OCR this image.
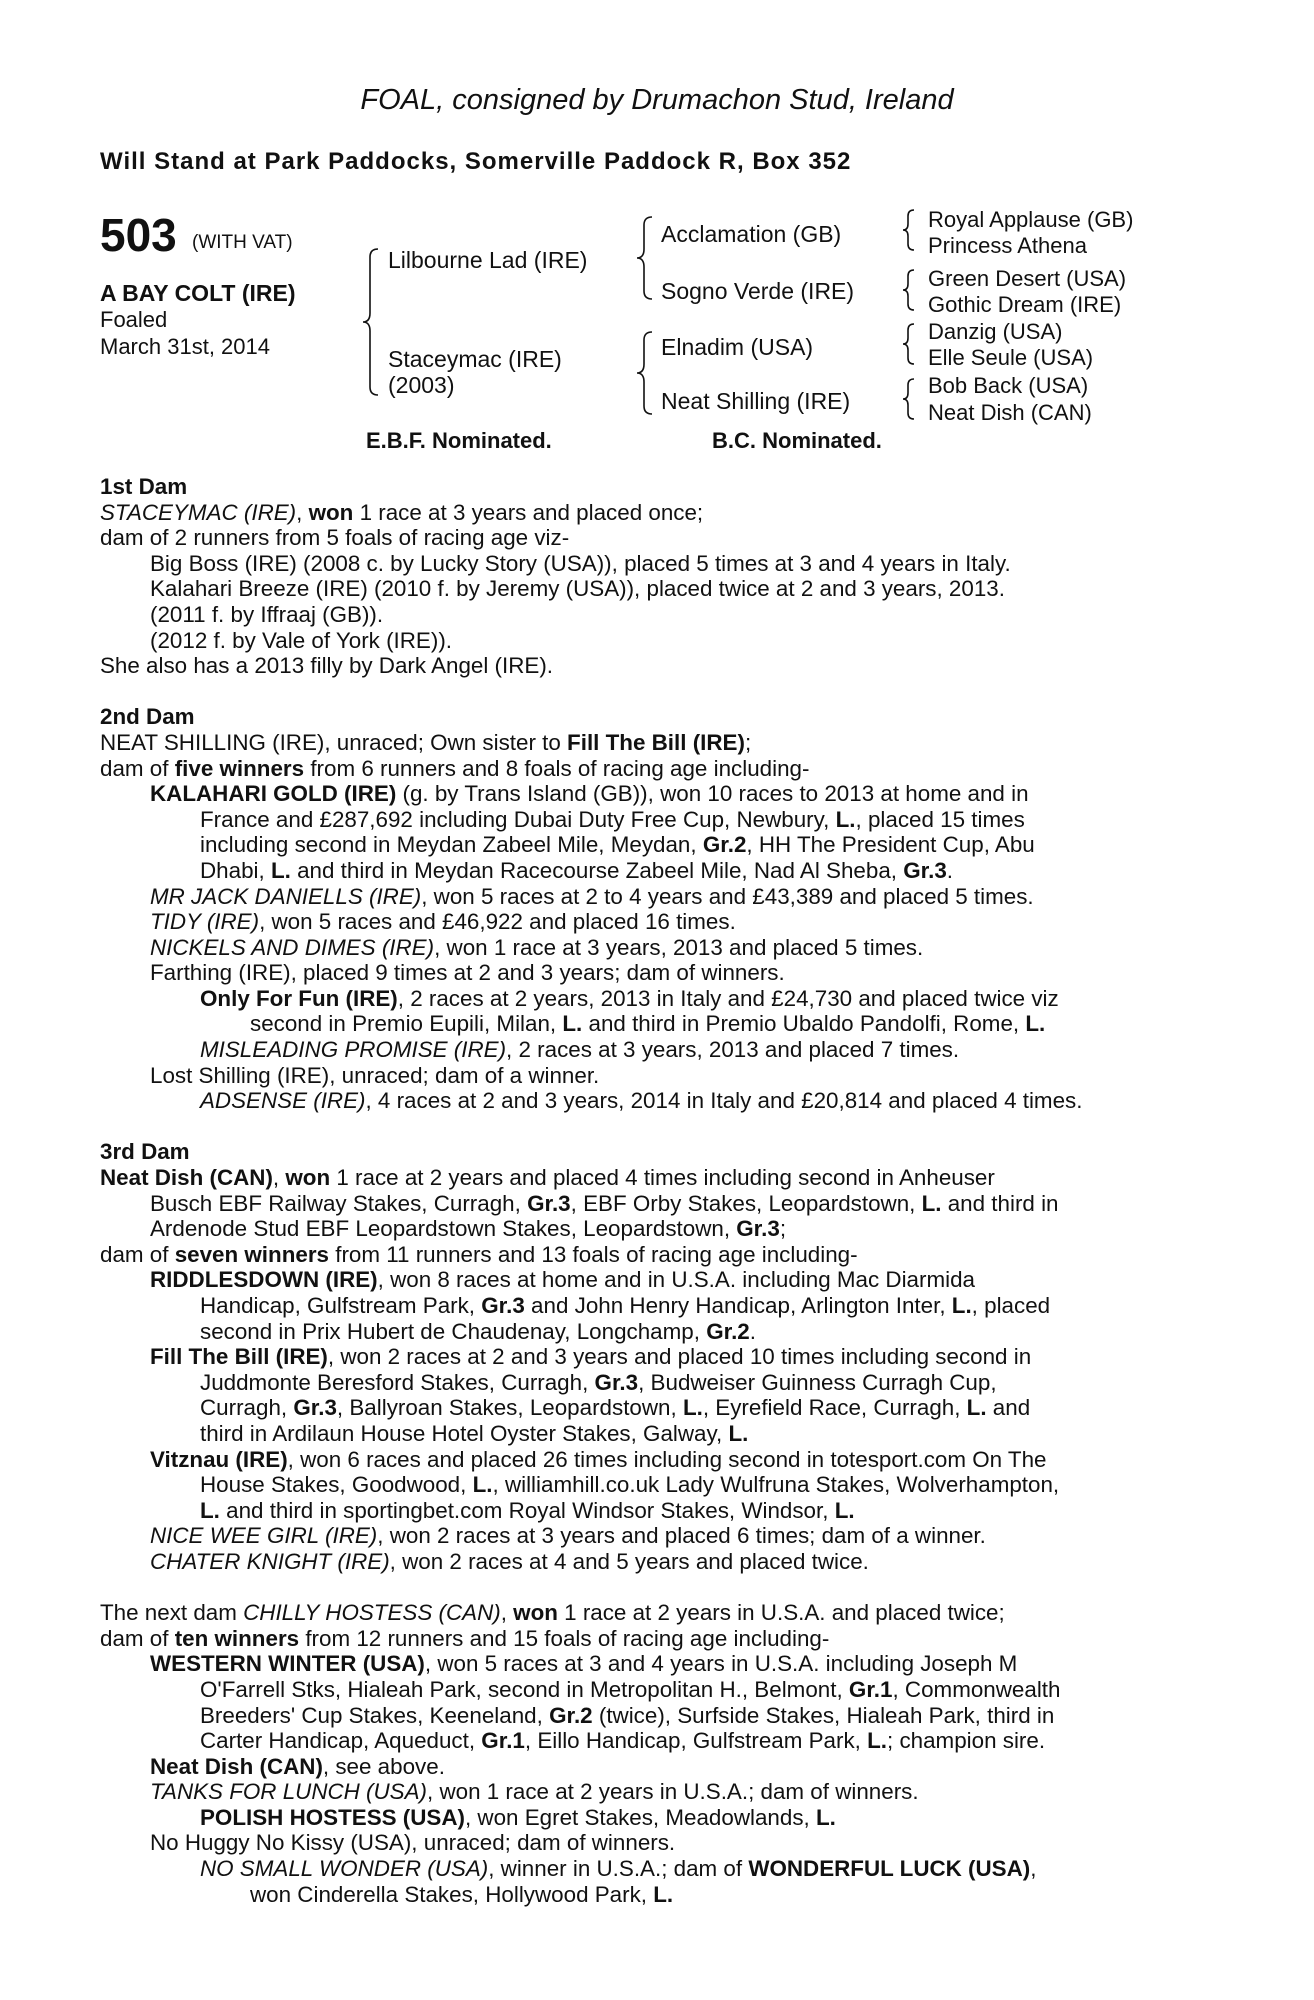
FOAL, consigned by Drumachon Stud, Ireland
Will Stand at Park Paddocks, Somerville Paddock R, Box 352
503 (WITH VAT)
A BAY COLT (IRE)
Foaled
March 31st, 2014
Lilbourne Lad (IRE)
Staceymac (IRE)
(2003)
Acclamation (GB)
Sogno Verde (IRE)
Elnadim (USA)
Neat Shilling (IRE)
Royal Applause (GB)
Princess Athena
Green Desert (USA)
Gothic Dream (IRE)
Danzig (USA)
Elle Seule (USA)
Bob Back (USA)
Neat Dish (CAN)
E.B.F. Nominated.	B.C. Nominated.
1st Dam
STACEYMAC (IRE), won 1 race at 3 years and placed once;
dam of 2 runners from 5 foals of racing age viz-
Big Boss (IRE) (2008 c. by Lucky Story (USA)), placed 5 times at 3 and 4 years in Italy.
Kalahari Breeze (IRE) (2010 f. by Jeremy (USA)), placed twice at 2 and 3 years, 2013.
(2011 f. by Iffraaj (GB)).
(2012 f. by Vale of York (IRE)).
She also has a 2013 filly by Dark Angel (IRE).
2nd Dam
NEAT SHILLING (IRE), unraced; Own sister to Fill The Bill (IRE);
dam of five winners from 6 runners and 8 foals of racing age including-
KALAHARI GOLD (IRE) (g. by Trans Island (GB)), won 10 races to 2013 at home and in
France and £287,692 including Dubai Duty Free Cup, Newbury, L., placed 15 times
including second in Meydan Zabeel Mile, Meydan, Gr.2, HH The President Cup, Abu
Dhabi, L. and third in Meydan Racecourse Zabeel Mile, Nad Al Sheba, Gr.3.
MR JACK DANIELLS (IRE), won 5 races at 2 to 4 years and £43,389 and placed 5 times.
TIDY (IRE), won 5 races and £46,922 and placed 16 times.
NICKELS AND DIMES (IRE), won 1 race at 3 years, 2013 and placed 5 times.
Farthing (IRE), placed 9 times at 2 and 3 years; dam of winners.
Only For Fun (IRE), 2 races at 2 years, 2013 in Italy and £24,730 and placed twice viz
second in Premio Eupili, Milan, L. and third in Premio Ubaldo Pandolfi, Rome, L.
MISLEADING PROMISE (IRE), 2 races at 3 years, 2013 and placed 7 times.
Lost Shilling (IRE), unraced; dam of a winner.
ADSENSE (IRE), 4 races at 2 and 3 years, 2014 in Italy and £20,814 and placed 4 times.
3rd Dam
Neat Dish (CAN), won 1 race at 2 years and placed 4 times including second in Anheuser
Busch EBF Railway Stakes, Curragh, Gr.3, EBF Orby Stakes, Leopardstown, L. and third in
Ardenode Stud EBF Leopardstown Stakes, Leopardstown, Gr.3;
dam of seven winners from 11 runners and 13 foals of racing age including-
RIDDLESDOWN (IRE), won 8 races at home and in U.S.A. including Mac Diarmida
Handicap, Gulfstream Park, Gr.3 and John Henry Handicap, Arlington Inter, L., placed
second in Prix Hubert de Chaudenay, Longchamp, Gr.2.
Fill The Bill (IRE), won 2 races at 2 and 3 years and placed 10 times including second in
Juddmonte Beresford Stakes, Curragh, Gr.3, Budweiser Guinness Curragh Cup,
Curragh, Gr.3, Ballyroan Stakes, Leopardstown, L., Eyrefield Race, Curragh, L. and
third in Ardilaun House Hotel Oyster Stakes, Galway, L.
Vitznau (IRE), won 6 races and placed 26 times including second in totesport.com On The
House Stakes, Goodwood, L., williamhill.co.uk Lady Wulfruna Stakes, Wolverhampton,
L. and third in sportingbet.com Royal Windsor Stakes, Windsor, L.
NICE WEE GIRL (IRE), won 2 races at 3 years and placed 6 times; dam of a winner.
CHATER KNIGHT (IRE), won 2 races at 4 and 5 years and placed twice.
The next dam CHILLY HOSTESS (CAN), won 1 race at 2 years in U.S.A. and placed twice;
dam of ten winners from 12 runners and 15 foals of racing age including-
WESTERN WINTER (USA), won 5 races at 3 and 4 years in U.S.A. including Joseph M
O'Farrell Stks, Hialeah Park, second in Metropolitan H., Belmont, Gr.1, Commonwealth
Breeders' Cup Stakes, Keeneland, Gr.2 (twice), Surfside Stakes, Hialeah Park, third in
Carter Handicap, Aqueduct, Gr.1, Eillo Handicap, Gulfstream Park, L.; champion sire.
Neat Dish (CAN), see above.
TANKS FOR LUNCH (USA), won 1 race at 2 years in U.S.A.; dam of winners.
POLISH HOSTESS (USA), won Egret Stakes, Meadowlands, L.
No Huggy No Kissy (USA), unraced; dam of winners.
NO SMALL WONDER (USA), winner in U.S.A.; dam of WONDERFUL LUCK (USA),
won Cinderella Stakes, Hollywood Park, L.
